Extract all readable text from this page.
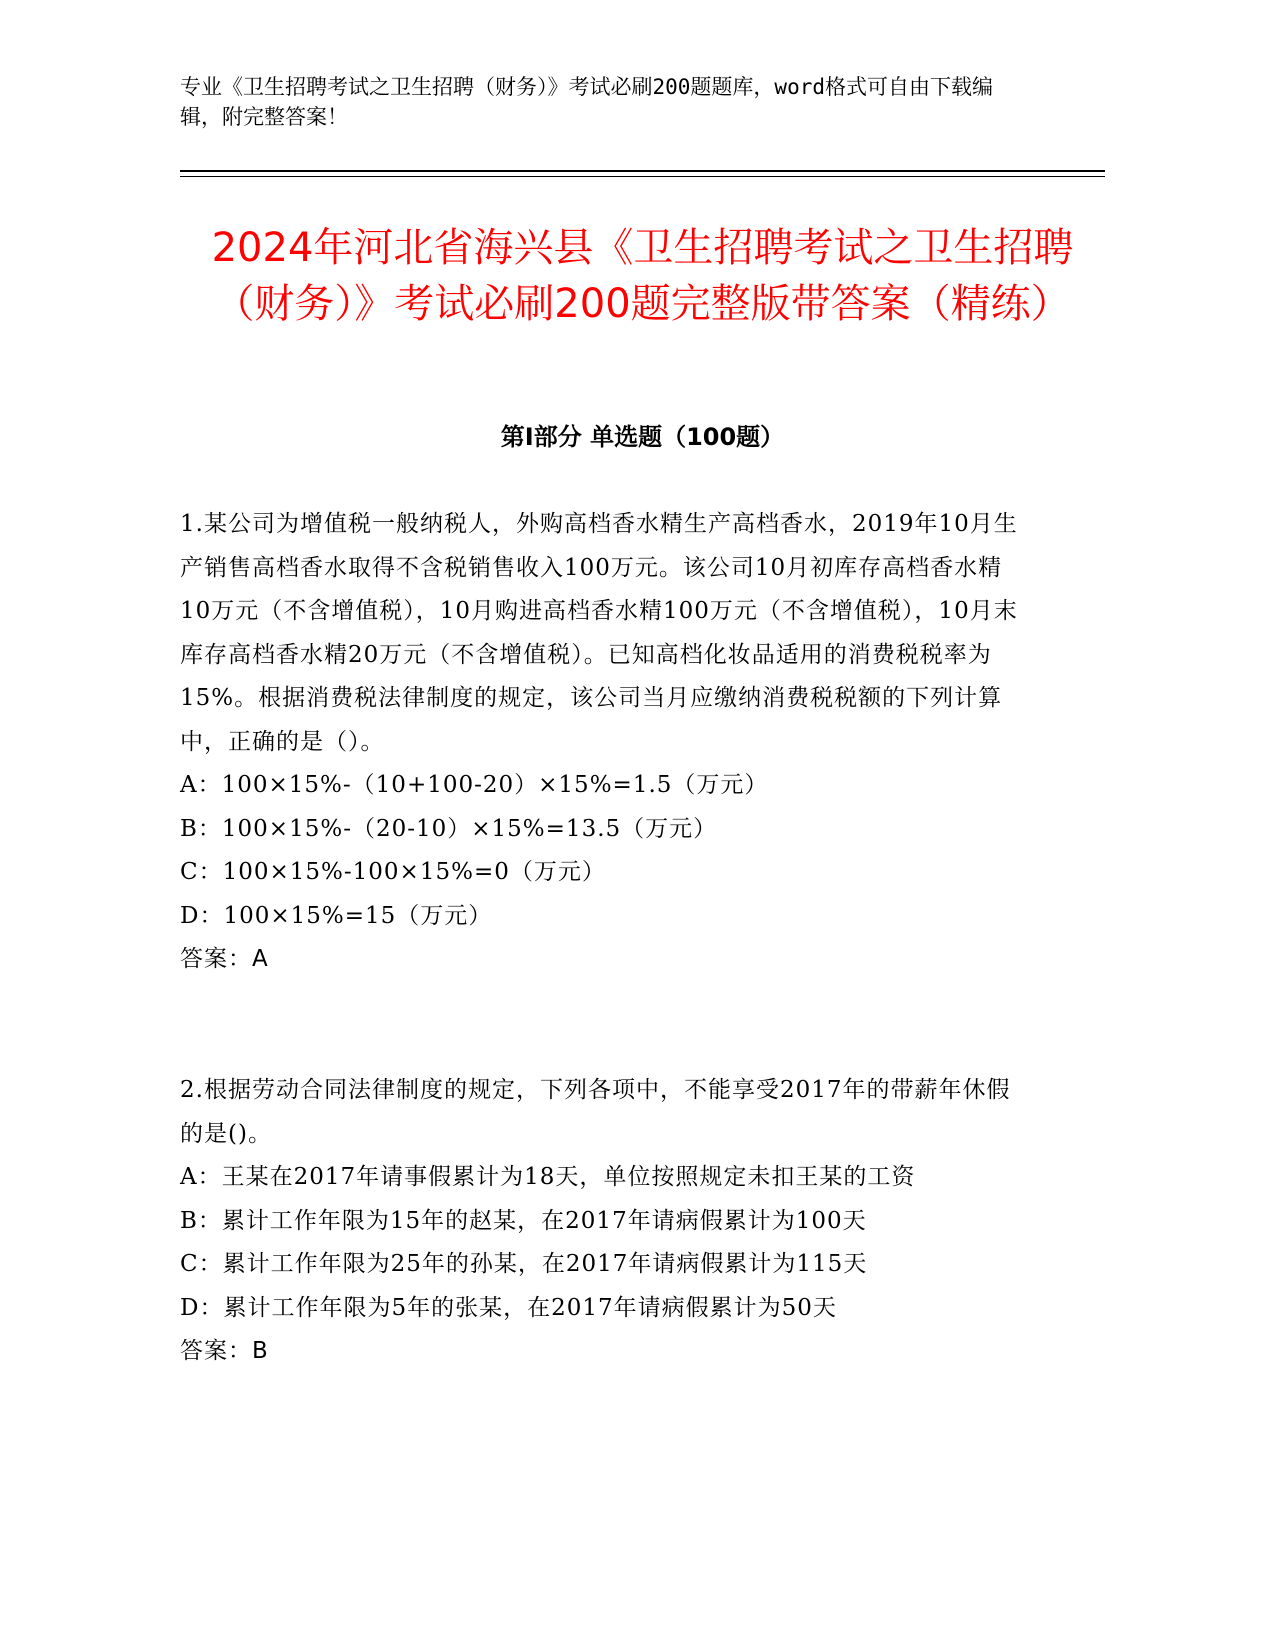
专业《卫生招聘考试之卫生招聘（财务）》考试必刷200题题库，word格式可自由下载编辑，附完整答案！
2024年河北省海兴县《卫生招聘考试之卫生招聘（财务）》考试必刷200题完整版带答案（精练）
第I部分 单选题（100题）

1.某公司为增值税一般纳税人，外购高档香水精生产高档香水，2019年10月生产销售高档香水取得不含税销售收入100万元。该公司10月初库存高档香水精10万元（不含增值税），10月购进高档香水精100万元（不含增值税），10月末库存高档香水精20万元（不含增值税）。已知高档化妆品适用的消费税税率为15%。根据消费税法律制度的规定，该公司当月应缴纳消费税税额的下列计算中，正确的是（）。

A：100×15%-（10+100-20）×15%=1.5（万元）

B：100×15%-（20-10）×15%=13.5（万元）

C：100×15%-100×15%=0（万元）

D：100×15%=15（万元）

答案：A

2.根据劳动合同法律制度的规定，下列各项中，不能享受2017年的带薪年休假的是()。

A：王某在2017年请事假累计为18天，单位按照规定未扣王某的工资

B：累计工作年限为15年的赵某，在2017年请病假累计为100天

C：累计工作年限为25年的孙某，在2017年请病假累计为115天

D：累计工作年限为5年的张某，在2017年请病假累计为50天

答案：B
